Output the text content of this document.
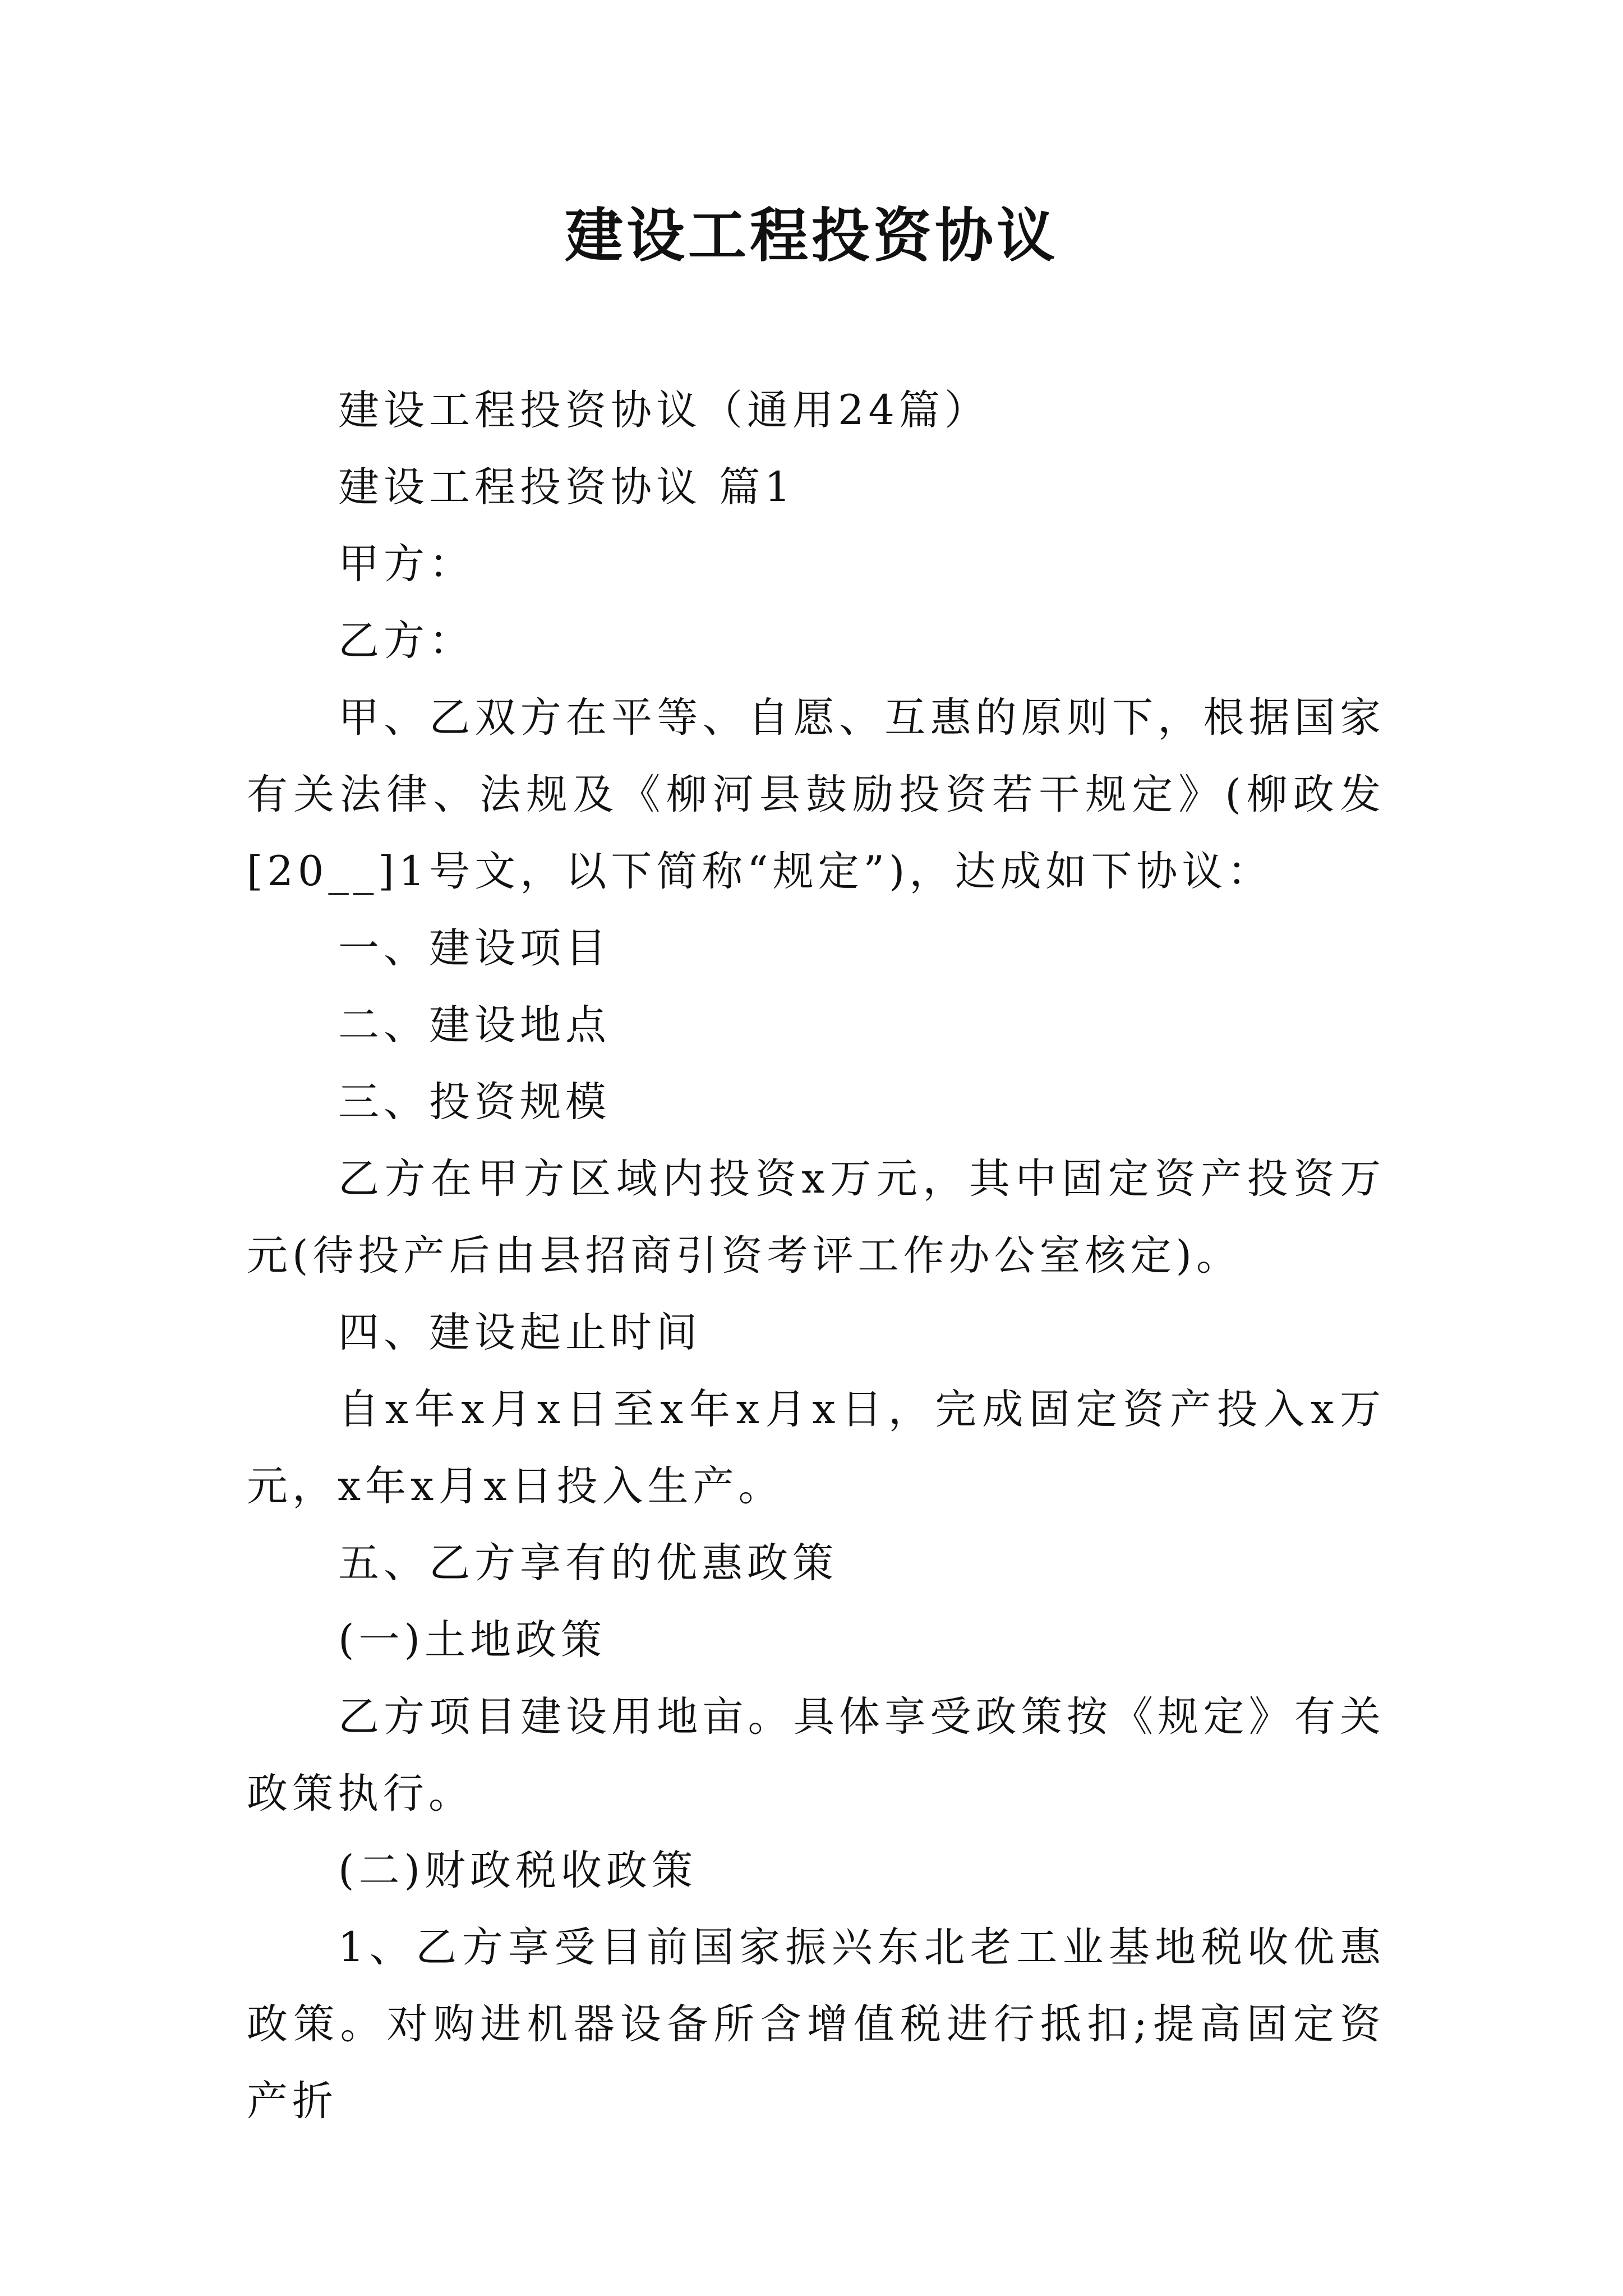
建设工程投资协议

建设工程投资协议（通用24篇）

建设工程投资协议 篇1

甲方：

乙方：

甲、乙双方在平等、自愿、互惠的原则下，根据国家有关法律、法规及《柳河县鼓励投资若干规定》(柳政发[20__]1号文，以下简称“规定”)，达成如下协议：

一、建设项目

二、建设地点

三、投资规模

乙方在甲方区域内投资x万元，其中固定资产投资万元(待投产后由县招商引资考评工作办公室核定)。

四、建设起止时间

自x年x月x日至x年x月x日，完成固定资产投入x万元，x年x月x日投入生产。

五、乙方享有的优惠政策

(一)土地政策

乙方项目建设用地亩。具体享受政策按《规定》有关政策执行。

(二)财政税收政策

1、乙方享受目前国家振兴东北老工业基地税收优惠政策。对购进机器设备所含增值税进行抵扣;提高固定资产折
